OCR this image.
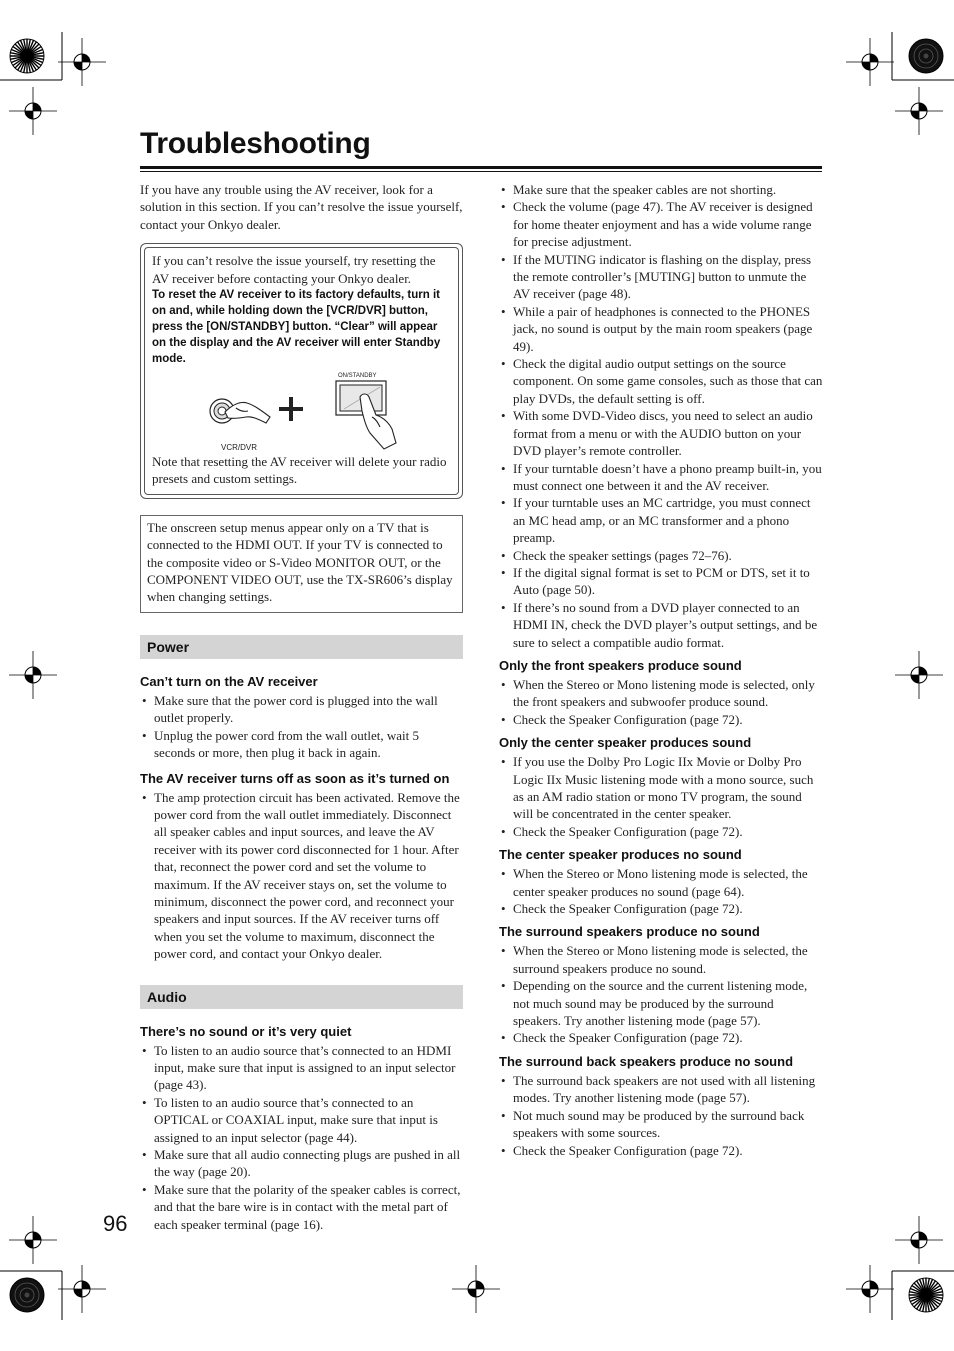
Troubleshooting

If you have any trouble using the AV receiver, look for a solution in this section. If you can’t resolve the issue yourself, contact your Onkyo dealer.

If you can’t resolve the issue yourself, try resetting the AV receiver before contacting your Onkyo dealer.

To reset the AV receiver to its factory defaults, turn it on and, while holding down the [VCR/DVR] button, press the [ON/STANDBY] button. “Clear” will appear on the display and the AV receiver will enter Standby mode.

VCR/DVR
ON/STANDBY

Note that resetting the AV receiver will delete your radio presets and custom settings.

The onscreen setup menus appear only on a TV that is connected to the HDMI OUT. If your TV is connected to the composite video or S-Video MONITOR OUT, or the COMPONENT VIDEO OUT, use the TX-SR606’s display when changing settings.

Power
Can’t turn on the AV receiver
• Make sure that the power cord is plugged into the wall outlet properly.
• Unplug the power cord from the wall outlet, wait 5 seconds or more, then plug it back in again.
The AV receiver turns off as soon as it’s turned on
• The amp protection circuit has been activated. Remove the power cord from the wall outlet immediately. Disconnect all speaker cables and input sources, and leave the AV receiver with its power cord disconnected for 1 hour. After that, reconnect the power cord and set the volume to maximum. If the AV receiver stays on, set the volume to minimum, disconnect the power cord, and reconnect your speakers and input sources. If the AV receiver turns off when you set the volume to maximum, disconnect the power cord, and contact your Onkyo dealer.
Audio
There’s no sound or it’s very quiet
• To listen to an audio source that’s connected to an HDMI input, make sure that input is assigned to an input selector (page 43).
• To listen to an audio source that’s connected to an OPTICAL or COAXIAL input, make sure that input is assigned to an input selector (page 44).
• Make sure that all audio connecting plugs are pushed in all the way (page 20).
• Make sure that the polarity of the speaker cables is correct, and that the bare wire is in contact with the metal part of each speaker terminal (page 16).
• Make sure that the speaker cables are not shorting.
• Check the volume (page 47). The AV receiver is designed for home theater enjoyment and has a wide volume range for precise adjustment.
• If the MUTING indicator is flashing on the display, press the remote controller’s [MUTING] button to unmute the AV receiver (page 48).
• While a pair of headphones is connected to the PHONES jack, no sound is output by the main room speakers (page 49).
• Check the digital audio output settings on the source component. On some game consoles, such as those that can play DVDs, the default setting is off.
• With some DVD-Video discs, you need to select an audio format from a menu or with the AUDIO button on your DVD player’s remote controller.
• If your turntable doesn’t have a phono preamp built-in, you must connect one between it and the AV receiver.
• If your turntable uses an MC cartridge, you must connect an MC head amp, or an MC transformer and a phono preamp.
• Check the speaker settings (pages 72–76).
• If the digital signal format is set to PCM or DTS, set it to Auto (page 50).
• If there’s no sound from a DVD player connected to an HDMI IN, check the DVD player’s output settings, and be sure to select a compatible audio format.
Only the front speakers produce sound
• When the Stereo or Mono listening mode is selected, only the front speakers and subwoofer produce sound.
• Check the Speaker Configuration (page 72).
Only the center speaker produces sound
• If you use the Dolby Pro Logic IIx Movie or Dolby Pro Logic IIx Music listening mode with a mono source, such as an AM radio station or mono TV program, the sound will be concentrated in the center speaker.
• Check the Speaker Configuration (page 72).
The center speaker produces no sound
• When the Stereo or Mono listening mode is selected, the center speaker produces no sound (page 64).
• Check the Speaker Configuration (page 72).
The surround speakers produce no sound
• When the Stereo or Mono listening mode is selected, the surround speakers produce no sound.
• Depending on the source and the current listening mode, not much sound may be produced by the surround speakers. Try another listening mode (page 57).
• Check the Speaker Configuration (page 72).
The surround back speakers produce no sound
• The surround back speakers are not used with all listening modes. Try another listening mode (page 57).
• Not much sound may be produced by the surround back speakers with some sources.
• Check the Speaker Configuration (page 72).
96
